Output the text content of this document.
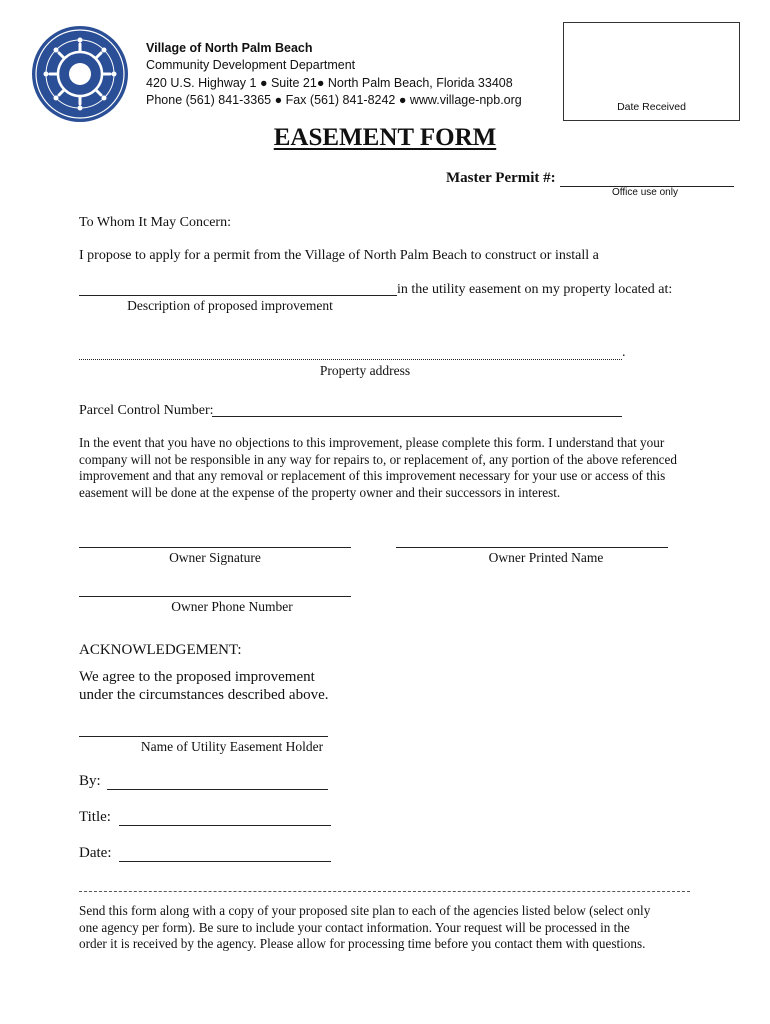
Village of North Palm Beach
Community Development Department
420 U.S. Highway 1 ● Suite 21● North Palm Beach, Florida 33408
Phone (561) 841-3365 ● Fax (561) 841-8242 ● www.village-npb.org	Date Received
EASEMENT FORM
Master Permit #:
Office use only
To Whom It May Concern:
I propose to apply for a permit from the Village of North Palm Beach to construct or install a
in the utility easement on my property located at:
Description of proposed improvement
.
Property address
Parcel Control Number:
In the event that you have no objections to this improvement, please complete this form. I understand that your
company will not be responsible in any way for repairs to, or replacement of, any portion of the above referenced
improvement and that any removal or replacement of this improvement necessary for your use or access of this
easement will be done at the expense of the property owner and their successors in interest.
Owner Signature	Owner Printed Name
Owner Phone Number
ACKNOWLEDGEMENT:
We agree to the proposed improvement
under the circumstances described above.
Name of Utility Easement Holder
By:
Title:
Date:
Send this form along with a copy of your proposed site plan to each of the agencies listed below (select only
one agency per form). Be sure to include your contact information. Your request will be processed in the
order it is received by the agency. Please allow for processing time before you contact them with questions.
